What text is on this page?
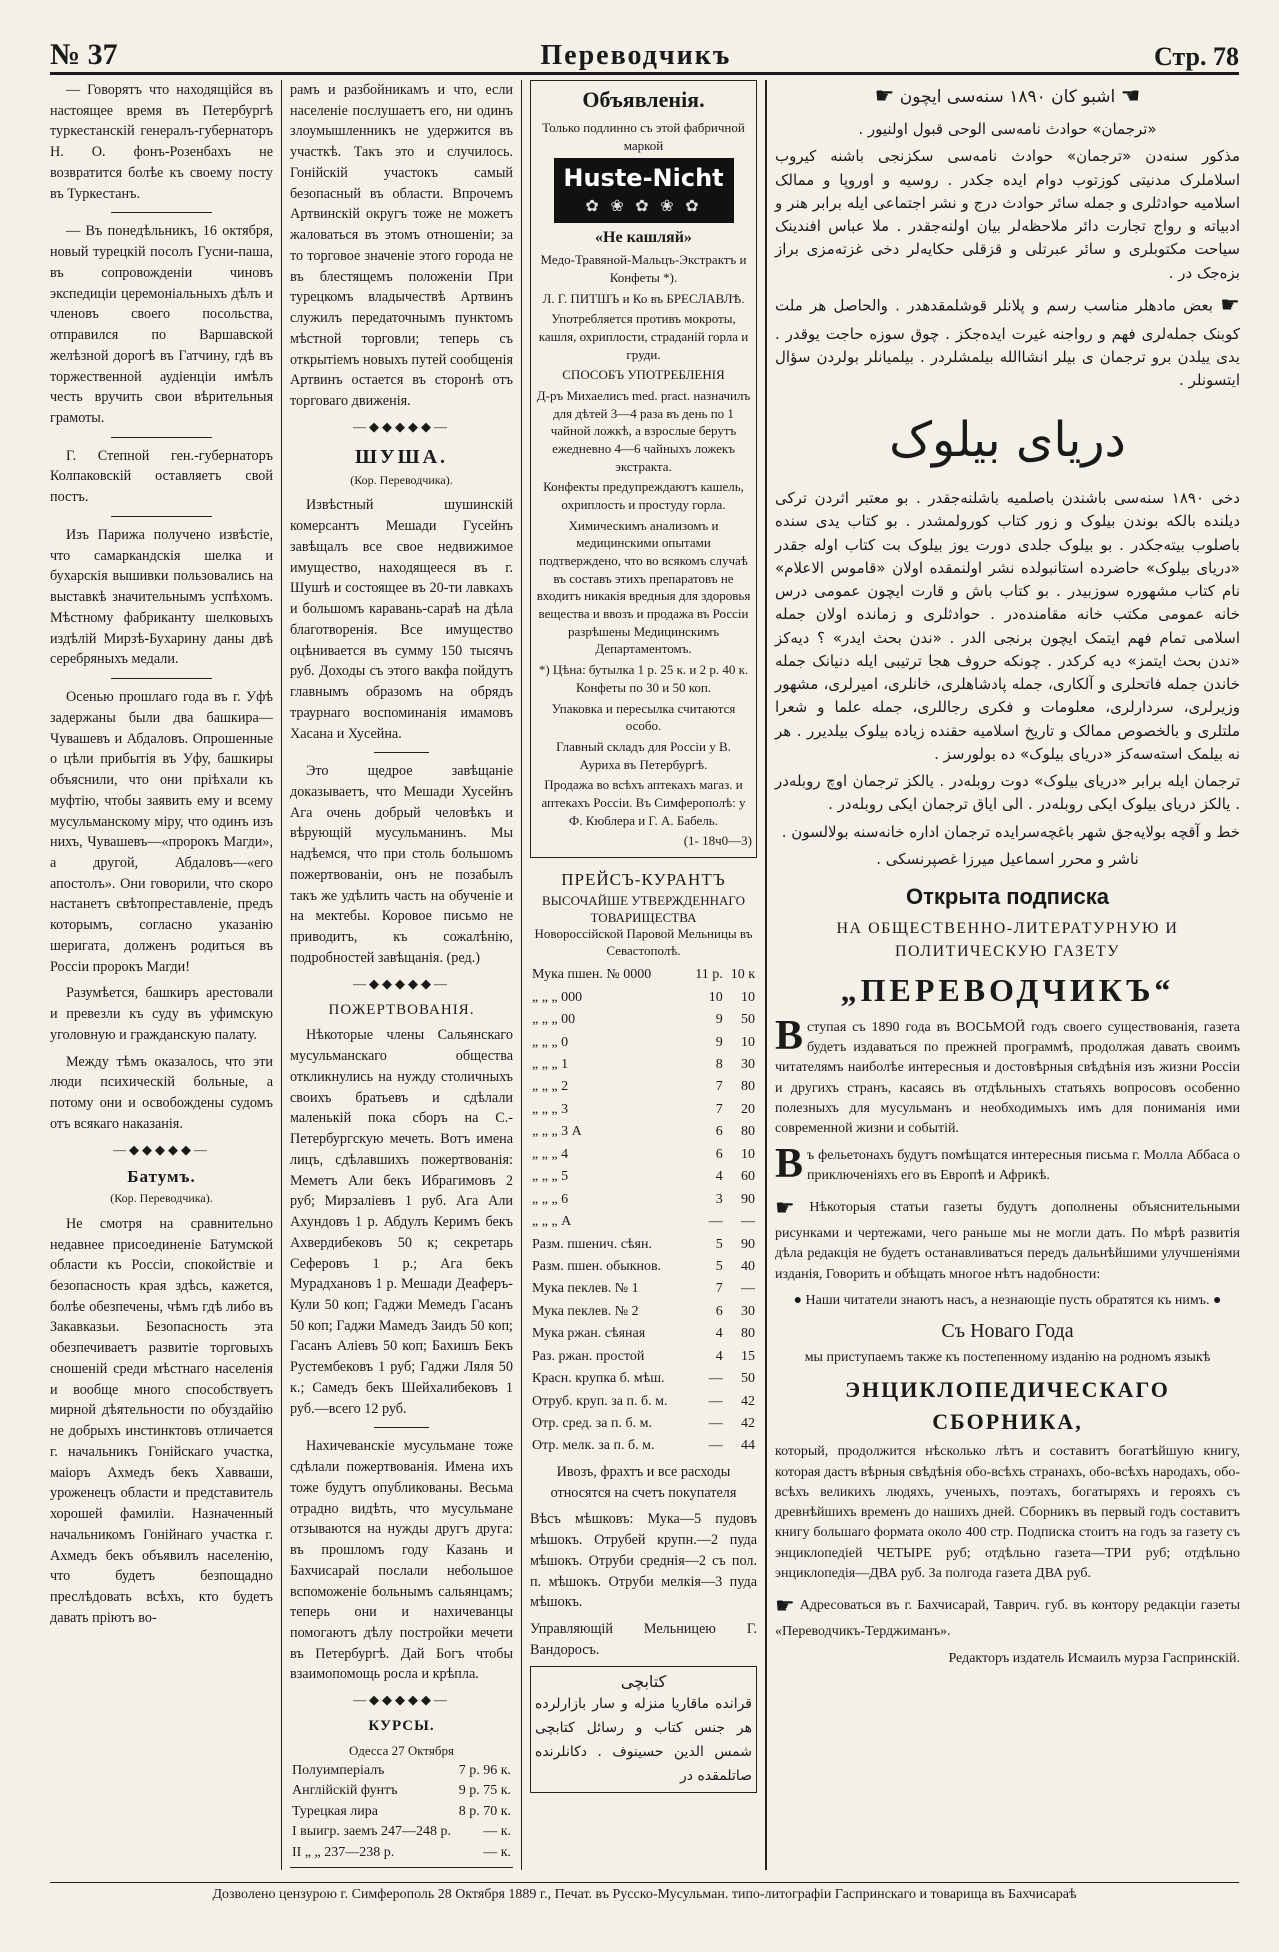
№ 37	Переводчикъ	Стр. 78

— Говорятъ что находящійся въ настоящее время въ Петербургѣ туркестанскій генералъ-губернаторъ Н. О. фонъ-Розенбахъ не возвратится болѣе къ своему посту въ Туркестанъ.

— Въ понедѣльникъ, 16 октября, новый турецкій посолъ Гусни-паша, въ сопровожденіи чиновъ экспедиціи церемоніальныхъ дѣлъ и членовъ своего посольства, отправился по Варшавской желѣзной дорогѣ въ Гатчину, гдѣ въ торжественной аудіенціи имѣлъ честь вручить свои вѣрительныя грамоты.

Г. Степной ген.-губернаторъ Колпаковскій оставляетъ свой постъ.

Изъ Парижа получено извѣстіе, что самаркандскія шелка и бухарскія вышивки пользовались на выставкѣ значительнымъ успѣхомъ. Мѣстному фабриканту шелковыхъ издѣлій Мирзѣ-Бухарину даны двѣ серебряныхъ медали.

Осенью прошлаго года въ г. Уфѣ задержаны были два башкира—Чувашевъ и Абдаловъ. Опрошенные о цѣли прибытія въ Уфу, башкиры объяснили, что они пріѣхали къ муфтію, чтобы заявить ему и всему мусульманскому міру, что одинъ изъ нихъ, Чувашевъ—«пророкъ Магди», а другой, Абдаловъ—«его апостолъ». Они говорили, что скоро настанетъ свѣтопреставленіе, предъ которымъ, согласно указанію шеригата, долженъ родиться въ Россіи пророкъ Магди!

Разумѣется, башкиръ арестовали и превезли къ суду въ уфимскую уголовную и гражданскую палату.

Между тѣмъ оказалось, что эти люди психическій больные, а потому они и освобождены судомъ отъ всякаго наказанія.

—◆◆◆◆◆—
Батумъ.
(Кор. Переводчика).

Не смотря на сравнительно недавнее присоединеніе Батумской области къ Россіи, спокойствіе и безопасность края здѣсь, кажется, болѣе обезпечены, чѣмъ гдѣ либо въ Закавказьи. Безопасность эта обезпечиваетъ развитіе торговыхъ сношеній среди мѣстнаго населенія и вообще много способствуетъ мирной дѣятельности по обуздайію не добрыхъ инстинктовъ отличается г. начальникъ Гонійскаго участка, маіоръ Ахмедъ бекъ Хавваши, уроженецъ области и представитель хорошей фамиліи. Назначенный начальникомъ Гонійнаго участка г. Ахмедъ бекъ объявилъ населенію, что будетъ безпощадно преслѣдовать всѣхъ, кто будетъ давать пріютъ во-

рамъ и разбойникамъ и что, если населеніе послушаетъ его, ни одинъ злоумышленникъ не удержится въ участкѣ. Такъ это и случилось. Гонійскій участокъ самый безопасный въ области. Впрочемъ Артвинскій округъ тоже не можетъ жаловаться въ этомъ отношеніи; за то торговое значеніе этого города не въ блестящемъ положеніи При турецкомъ владычествѣ Артвинъ служилъ передаточнымъ пунктомъ мѣстной торговли; теперь съ открытіемъ новыхъ путей сообщенія Артвинъ остается въ сторонѣ отъ торговаго движенія.

—◆◆◆◆◆—
ШУША.
(Кор. Переводчика).

Извѣстный шушинскій комерсантъ Мешади Гусейнъ завѣщалъ все свое недвижимое имущество, находящееся въ г. Шушѣ и состоящее въ 20-ти лавкахъ и большомъ каравань-сараѣ на дѣла благотворенія. Все имущество оцѣнивается въ сумму 150 тысячъ руб. Доходы съ этого вакфа пойдутъ главнымъ образомъ на обрядъ траурнаго воспоминанія имамовъ Хасана и Хусейна.

Это щедрое завѣщаніе доказываетъ, что Мешади Хусейнъ Ага очень добрый человѣкъ и вѣрующій мусульманинъ. Мы надѣемся, что при столь большомъ пожертвованіи, онъ не позабылъ такъ же удѣлить часть на обученіе и на мектебы. Коровое письмо не приводитъ, къ сожалѣнію, подробностей завѣщанія. (ред.)

—◆◆◆◆◆—
ПОЖЕРТВОВАНІЯ.

Нѣкоторые члены Сальянскаго мусульманскаго общества откликнулись на нужду столичныхъ своихъ братьевъ и сдѣлали маленькій пока сборъ на С.-Петербургскую мечеть. Вотъ имена лицъ, сдѣлавшихъ пожертвованія: Меметъ Али бекъ Ибрагимовъ 2 руб; Мирзаліевъ 1 руб. Ага Али Ахундовъ 1 р. Абдулъ Керимъ бекъ Ахвердибековъ 50 к; секретарь Сеферовъ 1 р.; Ага бекъ Мурадхановъ 1 р. Мешади Деаферъ-Кули 50 коп; Гаджи Мемедъ Гасанъ 50 коп; Гаджи Мамедъ Заидъ 50 коп; Гасанъ Аліевъ 50 коп; Бахишъ Бекъ Рустембековъ 1 руб; Гаджи Ляля 50 к.; Самедъ бекъ Шейхалибековъ 1 руб.—всего 12 руб.

Нахичеванскіе мусульмане тоже сдѣлали пожертвованія. Имена ихъ тоже будутъ опубликованы. Весьма отрадно видѣть, что мусульмане отзываются на нужды другъ друга: въ прошломъ году Казань и Бахчисарай послали небольшое вспоможеніе больнымъ сальянцамъ; теперь они и нахичеванцы помогаютъ дѣлу постройки мечети въ Петербургѣ. Дай Богъ чтобы взаимопомощь росла и крѣпла.

—◆◆◆◆◆—
КУРСЫ.
Одесса 27 Октября
Полуимперіалъ	7 р. 96 к.
Англійскій фунтъ	9 р. 75 к.
Турецкая лира	8 р. 70 к.
I выигр. заемъ 247—248 р.	— к.
II „ „ 237—238 р.	— к.
Объявленія.

Только подлинно съ этой фабричной маркой

Huste-Nicht
✿ ❀ ✿ ❀ ✿

«Не кашляй»

Медо-Травяной-Мальцъ-Экстрактъ и Конфеты *).

Л. Г. ПИТШЪ и Ко въ БРЕСЛАВЛѢ.

Употребляется противъ мокроты, кашля, охриплости, страданій горла и груди.

СПОСОБЪ УПОТРЕБЛЕНІЯ

Д-ръ Михаелисъ med. pract. назначилъ для дѣтей 3—4 раза въ день по 1 чайной ложкѣ, а взрослые берутъ ежедневно 4—6 чайныхъ ложекъ экстракта.

Конфекты предупреждаютъ кашель, охриплость и простуду горла.

Химическимъ анализомъ и медицинскими опытами подтверждено, что во всякомъ случаѣ въ составъ этихъ препаратовъ не входитъ никакія вредныя для здоровья вещества и ввозъ и продажа въ Россіи разрѣшены Медицинскимъ Департаментомъ.

*) Цѣна: бутылка 1 р. 25 к. и 2 р. 40 к. Конфеты по 30 и 50 коп.

Упаковка и пересылка считаются особо.

Главный складъ для Россіи у В. Ауриха въ Петербургѣ.

Продажа во всѣхъ аптекахъ магаз. и аптекахъ Россіи. Въ Симферополѣ: у Ф. Кюблера и Г. А. Бабель.

(1- 18ч0—3)

ПРЕЙСЪ-КУРАНТЪ
ВЫСОЧАЙШЕ УТВЕРЖДЕННАГО ТОВАРИЩЕСТВА
Новороссійской Паровой Мельницы въ Севастополѣ.
Мука пшен. № 0000	11 р.	10 к
„ „ „ 000	10	10
„ „ „ 00	9	50
„ „ „ 0	9	10
„ „ „ 1	8	30
„ „ „ 2	7	80
„ „ „ 3	7	20
„ „ „ 3 А	6	80
„ „ „ 4	6	10
„ „ „ 5	4	60
„ „ „ 6	3	90
„ „ „ А	—	—
Разм. пшенич. сѣян.	5	90
Разм. пшен. обыкнов.	5	40
Мука пеклев. № 1	7	—
Мука пеклев. № 2	6	30
Мука ржан. сѣяная	4	80
Раз. ржан. простой	4	15
Красн. крупка б. мѣш.	—	50
Отруб. круп. за п. б. м.	—	42
Отр. сред. за п. б. м.	—	42
Отр. мелк. за п. б. м.	—	44

Ивозъ, фрахтъ и все расходы относятся на счетъ покупателя

Вѣсъ мѣшковъ: Мука—5 пудовъ мѣшокъ. Отрубей крупн.—2 пуда мѣшокъ. Отруби среднія—2 съ пол. п. мѣшокъ. Отруби мелкія—3 пуда мѣшокъ.

Управляющій Мельницею Г. Вандоросъ.

کتابچی
قرانده ماقاریا منزله و سار بازارلرده هر جنس کتاب و رسائل کتابچی شمس الدین حسینوف . دکانلرنده صاتلمقده در

☚ اشبو کان ۱۸۹۰ سنه‌سی ایچون ☛

«ترجمان» حوادث نامه‌سی الوحی قبول اولنیور .

مذکور سنه‌دن «ترجمان» حوادث نامه‌سی سکزنجی باشنه کیروب اسلاملرک مدنیتی کوزتوب دوام ایده جکدر . روسیه و اوروپا و ممالک اسلامیه حوادثلری و جمله سائر حوادث درج و نشر اجتماعی ایله برابر هنر و ادبیاته و رواج تجارت دائر ملاحظه‌لر بیان اولنه‌جقدر . ملا عباس افندینک سیاحت مکتوبلری و سائر عبرتلی و قزقلی حکایه‌لر دخی غزته‌مزی براز بزه‌جک در .

☛ بعض مادهلر مناسب رسم و پلانلر قوشلمقدهدر . والحاصل هر ملت کوبنک جمله‌لری فهم و رواجنه غیرت ایده‌جکز . چوق سوزه حاجت یوقدر . یدی ییلدن برو ترجمان ی بیلر انشاالله بیلمشلردر . بیلمیانلر بولردن سؤال ایتسونلر .

دریای بیلوک

دخی ۱۸۹۰ سنه‌سی باشندن باصلمیه باشلنه‌جقدر . بو معتبر اثردن ترکی دیلنده بالکه بوندن بیلوک و زور کتاب کورولمشدر . بو کتاب یدی سنده باصلوب بیته‌جکدر . بو بیلوک جلدی دورت یوز بیلوک بت کتاب اوله جقدر «دریای بیلوک» حاضرده استانبولده نشر اولنمقده اولان «قاموس الاعلام» نام کتاب مشهوره سوزبیدر . بو کتاب باش و قارت ایچون عمومی درس خانه عمومی مکتب خانه مقامنده‌در . حوادثلری و زمانده اولان جمله اسلامی تمام فهم ایتمک ایچون برنجی الدر . «ندن بحث ایدر» ؟ دیه‌کز «ندن بحث ایتمز» دیه کرکدر . چونکه حروف هجا ترتیبی ایله دنیانک جمله خاندن جمله فاتحلری و آلکاری، جمله پادشاهلری، خانلری، امیرلری، مشهور وزیرلری، سردارلری، معلومات و فکری رجاللری، جمله علما و شعرا ملتلری و بالخصوص ممالک و تاریخ اسلامیه حقنده زیاده بیلوک بیلدیرر . هر نه بیلمک استه‌سه‌کز «دریای بیلوک» ده بولورسز .

ترجمان ایله برابر «دریای بیلوک» دوت روبله‌در . یالکز ترجمان اوچ روبله‌در . یالکز دریای بیلوک ایکی روبله‌در . الی ایاق ترجمان ایکی روبله‌در .

خط و آقچه بولایه‌جق شهر باغچه‌سرایده ترجمان اداره خانه‌سنه بولالسون .

ناشر و محرر اسماعیل میرزا غصپرنسکی .

Открыта подписка
НА ОБЩЕСТВЕННО-ЛИТЕРАТУРНУЮ И ПОЛИТИЧЕСКУЮ ГАЗЕТУ
„ПЕРЕВОДЧИКЪ“

Вступая съ 1890 года въ ВОСЬМОЙ годъ своего существованія, газета будетъ издаваться по прежней программѣ, продолжая давать своимъ читателямъ наиболѣе интересныя и достовѣрныя свѣдѣнія изъ жизни Россіи и другихъ странъ, касаясь въ отдѣльныхъ статьяхъ вопросовъ особенно полезныхъ для мусульманъ и необходимыхъ имъ для пониманія ими современной жизни и событій.

Въ фельетонахъ будутъ помѣщатся интересныя письма г. Молла Аббаса о приключеніяхъ его въ Европѣ и Африкѣ.

☛ Нѣкоторыя статьи газеты будутъ дополнены объяснительными рисунками и чертежами, чего раньше мы не могли дать. По мѣрѣ развитія дѣла редакція не будетъ останавливаться передъ дальнѣйшими улучшеніями изданія, Говорить и обѣщать многое нѣтъ надобности:

● Наши читатели знаютъ насъ, а незнающіе пусть обратятся къ нимъ. ●

Съ Новаго Года

мы приступаемъ также къ постепенному изданію на родномъ языкѣ

ЭНЦИКЛОПЕДИЧЕСКАГО СБОРНИКА,

который, продолжится нѣсколько лѣтъ и составитъ богатѣйшую книгу, которая дастъ вѣрныя свѣдѣнія обо-всѣхъ странахъ, обо-всѣхъ народахъ, обо-всѣхъ великихъ людяхъ, ученыхъ, поэтахъ, богатыряхъ и герояхъ съ древнѣйшихъ временъ до нашихъ дней. Сборникъ въ первый годъ составитъ книгу большаго формата около 400 стр. Подписка стоитъ на годъ за газету съ энциклопедіей ЧЕТЫРЕ руб; отдѣльно газета—ТРИ руб; отдѣльно энциклопедія—ДВА руб. За полгода газета ДВА руб.

☛ Адресоваться въ г. Бахчисарай, Таврич. губ. въ контору редакціи газеты «Переводчикъ-Терджиманъ».

Редакторъ издатель Исмаилъ мурза Гаспринскій.

Дозволено цензурою г. Симферополь 28 Октября 1889 г., Печат. въ Русско-Мусульман. типо-литографіи Гаспринскаго и товарища въ Бахчисараѣ
